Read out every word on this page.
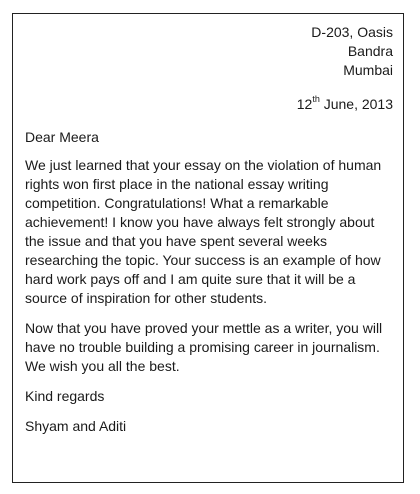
D-203, Oasis
Bandra
Mumbai
12th June, 2013

Dear Meera

We just learned that your essay on the violation of human
rights won first place in the national essay writing
competition. Congratulations! What a remarkable
achievement! I know you have always felt strongly about
the issue and that you have spent several weeks
researching the topic. Your success is an example of how
hard work pays off and I am quite sure that it will be a
source of inspiration for other students.

Now that you have proved your mettle as a writer, you will
have no trouble building a promising career in journalism.
We wish you all the best.

Kind regards

Shyam and Aditi
